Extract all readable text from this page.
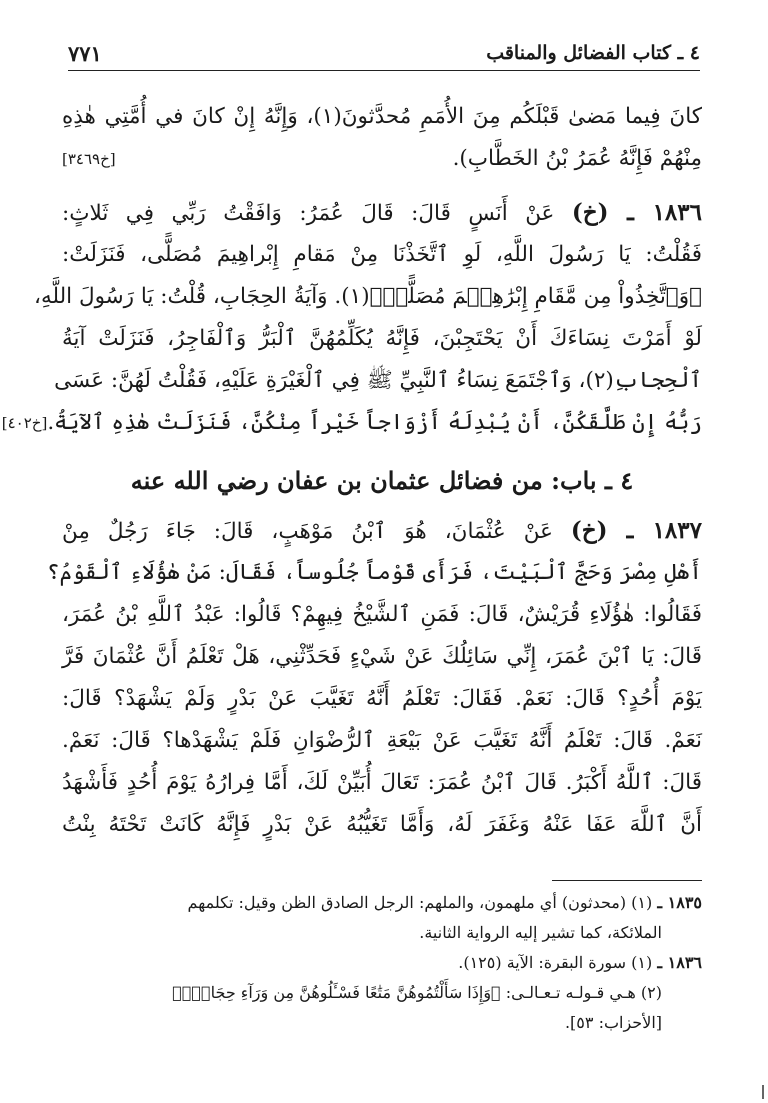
٤ ـ كتاب الفضائل والمناقب
٧٧١
كانَ فِيما مَضىٰ قَبْلَكُم مِنَ الأُمَمِ مُحدَّثونَ(١)، وَإِنَّهُ إِنْ كانَ في أُمَّتِي هٰذِهِ
مِنْهُمْ فَإِنَّهُ عُمَرُ بْنُ الخَطَّابِ).
[خ٣٤٦٩]
١٨٣٦ ـ (خ) عَنْ أَنَسٍ قَالَ: قَالَ عُمَرُ: وَافَقْتُ رَبِّي فِي ثَلاثٍ:
فَقُلْتُ: يَا رَسُولَ اللَّهِ، لَوِ ٱتَّخَذْنَا مِنْ مَقامِ إِبْراهِيمَ مُصَلًّى، فَنَزَلَتْ:
﴿وَٱتَّخِذُواْ مِن مَّقَامِ إِبْرَٰهِـۧمَ مُصَلًّىۖ﴾(١). وَآيَةُ الحِجَابِ، قُلْتُ: يَا رَسُولَ اللَّهِ،
لَوْ أَمَرْتَ نِسَاءَكَ أَنْ يَحْتَجِبْنَ، فَإِنَّهُ يُكَلِّمُهُنَّ ٱلْبَرُّ وَٱلْفَاجِرُ، فَنَزَلَتْ آيَةُ
ٱلْحِجابِ(٢)، وَٱجْتَمَعَ نِسَاءُ ٱلنَّبِيِّ ﷺ فِي ٱلْغَيْرَةِ عَلَيْهِ، فَقُلْتُ لَهُنَّ: عَسَى
رَبُّهُ إِنْ طَلَّقَكُنَّ، أَنْ يُبْدِلَهُ أَزْوَاجاً خَيْراً مِنْكُنَّ، فَنَزَلَتْ هٰذِهِ ٱلآيَةُ.
[خ٤٠٢]
٤ ـ باب: من فضائل عثمان بن عفان رضي الله عنه
١٨٣٧ ـ (خ) عَنْ عُثْمَانَ، هُوَ ٱبْنُ مَوْهَبٍ، قَالَ: جَاءَ رَجُلٌ مِنْ
أَهْلِ مِصْرَ وَحَجَّ ٱلْبَيْتَ، فَرَأَى قَوْماً جُلُوساً، فَقَالَ: مَنْ هٰؤُلَاءِ ٱلْقَوْمُ؟
فَقَالُوا: هٰؤُلَاءِ قُرَيْشٌ، قَالَ: فَمَنِ ٱلشَّيْخُ فِيهِمْ؟ قَالُوا: عَبْدُ ٱللَّهِ بْنُ عُمَرَ،
قَالَ: يَا ٱبْنَ عُمَرَ، إِنِّي سَائِلُكَ عَنْ شَيْءٍ فَحَدِّثْنِي، هَلْ تَعْلَمُ أَنَّ عُثْمَانَ فَرَّ
يَوْمَ أُحُدٍ؟ قَالَ: نَعَمْ. فَقَالَ: تَعْلَمُ أَنَّهُ تَغَيَّبَ عَنْ بَدْرٍ وَلَمْ يَشْهَدْ؟ قَالَ:
نَعَمْ. قَالَ: تَعْلَمُ أَنَّهُ تَغَيَّبَ عَنْ بَيْعَةِ ٱلرُّضْوَانِ فَلَمْ يَشْهَدْها؟ قَالَ: نَعَمْ.
قَالَ: ٱللَّهُ أَكْبَرُ. قَالَ ٱبْنُ عُمَرَ: تَعَالَ أُبَيِّنْ لَكَ، أَمَّا فِرارُهُ يَوْمَ أُحُدٍ فَأَشْهَدُ
أَنَّ ٱللَّهَ عَفَا عَنْهُ وَغَفَرَ لَهُ، وَأَمَّا تَغَيُّبُهُ عَنْ بَدْرٍ فَإِنَّهُ كَانَتْ تَحْتَهُ بِنْتُ
١٨٣٥ ـ (١) (محدثون) أي ملهمون، والملهم: الرجل الصادق الظن وقيل: تكلمهم
الملائكة، كما تشير إليه الرواية الثانية.
١٨٣٦ ـ (١) سورة البقرة: الآية (١٢٥).
(٢) هـي قـولـه تـعـالـى: ﴿وَإِذَا سَأَلْتُمُوهُنَّ مَتَٰعًا فَسْـَٔلُوهُنَّ مِن وَرَآءِ حِجَابٍۚ﴾
[الأحزاب: ٥٣].
